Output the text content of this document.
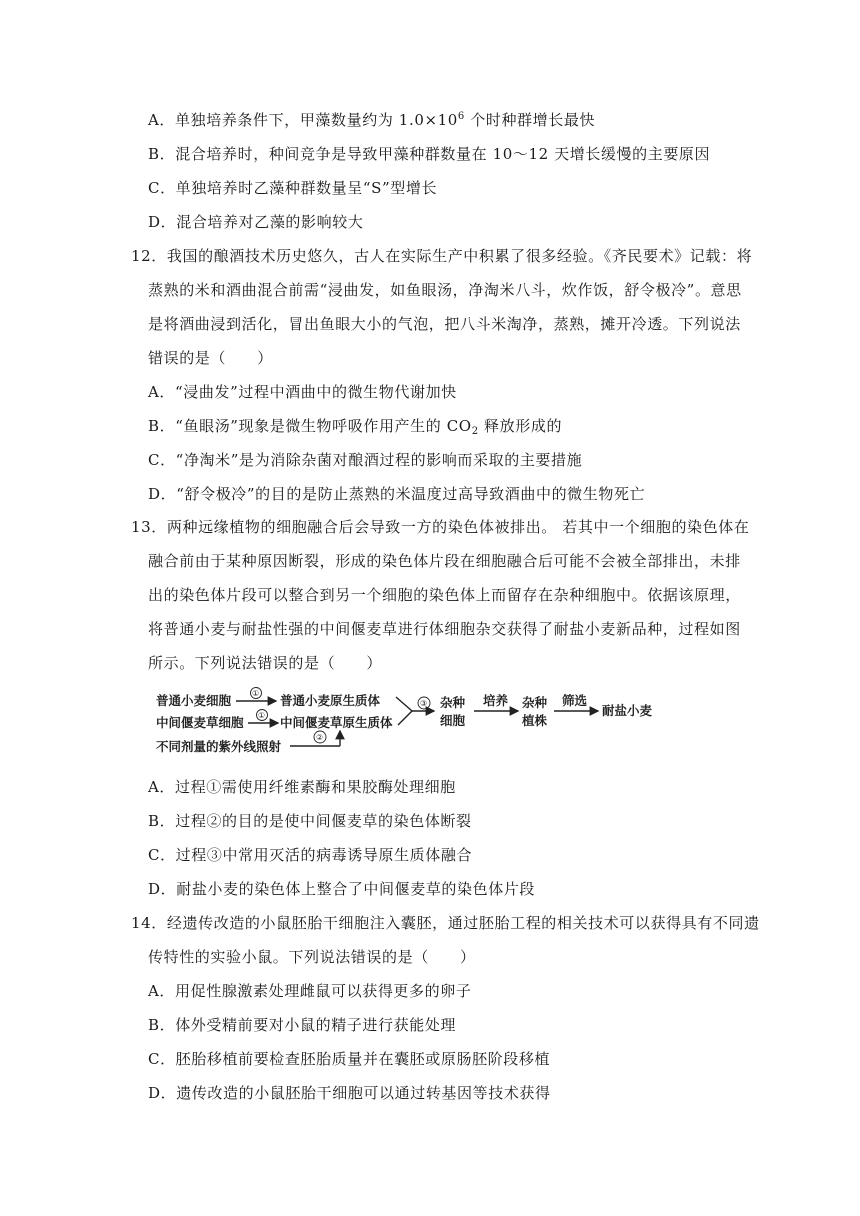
A．单独培养条件下，甲藻数量约为 $1.0\times 10^6$ 个时种群增长最快
B．混合培养时，种间竞争是导致甲藻种群数量在 10～12 天增长缓慢的主要原因
C．单独培养时乙藻种群数量呈“S”型增长
D．混合培养对乙藻的影响较大
12．我国的酿酒技术历史悠久，古人在实际生产中积累了很多经验。《齐民要术》记载：将
蒸熟的米和酒曲混合前需“浸曲发，如鱼眼汤，净淘米八斗，炊作饭，舒令极冷”。意思
是将酒曲浸到活化，冒出鱼眼大小的气泡，把八斗米淘净，蒸熟，摊开冷透。下列说法
错误的是（　　）
A．“浸曲发”过程中酒曲中的微生物代谢加快
B．“鱼眼汤”现象是微生物呼吸作用产生的 $CO_2$ 释放形成的
C．“净淘米”是为消除杂菌对酿酒过程的影响而采取的主要措施
D．“舒令极冷”的目的是防止蒸熟的米温度过高导致酒曲中的微生物死亡
13．两种远缘植物的细胞融合后会导致一方的染色体被排出。 若其中一个细胞的染色体在
融合前由于某种原因断裂，形成的染色体片段在细胞融合后可能不会被全部排出，未排
出的染色体片段可以整合到另一个细胞的染色体上而留存在杂种细胞中。依据该原理，
将普通小麦与耐盐性强的中间偃麦草进行体细胞杂交获得了耐盐小麦新品种，过程如图
所示。下列说法错误的是（　　）
普通小麦细胞	① 普通小麦原生质体
中间偃麦草细胞 ① 中间偃麦草原生质体
不同剂量的紫外线照射
②
③ 杂种
细胞
培养 杂种
植株
筛选
耐盐小麦
A．过程①需使用纤维素酶和果胶酶处理细胞
B．过程②的目的是使中间偃麦草的染色体断裂
C．过程③中常用灭活的病毒诱导原生质体融合
D．耐盐小麦的染色体上整合了中间偃麦草的染色体片段
14．经遗传改造的小鼠胚胎干细胞注入囊胚，通过胚胎工程的相关技术可以获得具有不同遗
传特性的实验小鼠。下列说法错误的是（　　）
A．用促性腺激素处理雌鼠可以获得更多的卵子
B．体外受精前要对小鼠的精子进行获能处理
C．胚胎移植前要检查胚胎质量并在囊胚或原肠胚阶段移植
D．遗传改造的小鼠胚胎干细胞可以通过转基因等技术获得
